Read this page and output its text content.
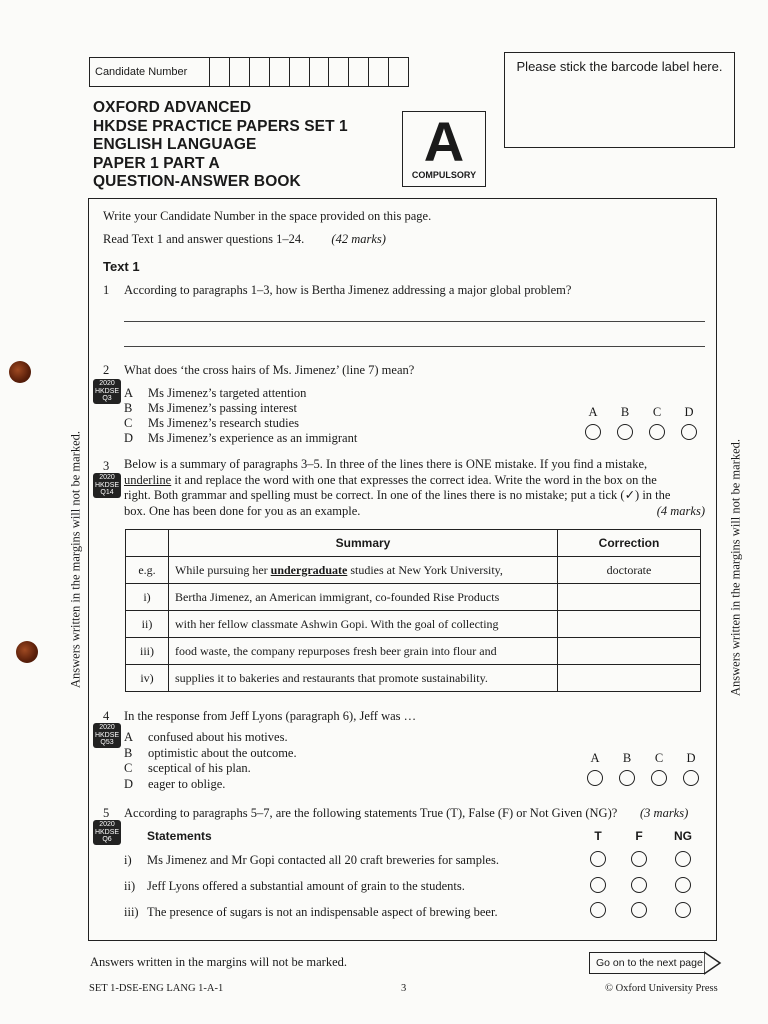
Candidate Number	Please stick the barcode label here.
OXFORD ADVANCED
HKDSE PRACTICE PAPERS SET 1
ENGLISH LANGUAGE
PAPER 1 PART A
QUESTION-ANSWER BOOK
A
COMPULSORY
Answers written in the margins will not be marked.	Answers written in the margins will not be marked.
Write your Candidate Number in the space provided on this page.
Read Text 1 and answer questions 1–24. (42 marks)
Text 1
1 According to paragraphs 1–3, how is Bertha Jimenez addressing a major global problem?
2 What does ‘the cross hairs of Ms. Jimenez’ (line 7) mean?
2020
HKDSE
Q3 A Ms Jimenez’s targeted attention
B Ms Jimenez’s passing interest
C Ms Jimenez’s research studies
D Ms Jimenez’s experience as an immigrant
A	B	C	D
3
2020
HKDSE
Q14
Below is a summary of paragraphs 3–5. In three of the lines there is ONE mistake. If you find a mistake,
underline it and replace the word with one that expresses the correct idea. Write the word in the box on the
right. Both grammar and spelling must be correct. In one of the lines there is no mistake; put a tick (✓) in the
box. One has been done for you as an example.	(4 marks)
	Summary	Correction
e.g.	While pursuing her undergraduate studies at New York University,	doctorate
i)	Bertha Jimenez, an American immigrant, co-founded Rise Products	
ii)	with her fellow classmate Ashwin Gopi. With the goal of collecting	
iii)	food waste, the company repurposes fresh beer grain into flour and	
iv)	supplies it to bakeries and restaurants that promote sustainability.	
4 In the response from Jeff Lyons (paragraph 6), Jeff was …
2020
HKDSE
Q53 A confused about his motives.
B optimistic about the outcome.
C sceptical of his plan.
D eager to oblige.
A	B	C	D
5 According to paragraphs 5–7, are the following statements True (T), False (F) or Not Given (NG)? (3 marks)
2020
HKDSE
Q6	Statements	T	F	NG
i) Ms Jimenez and Mr Gopi contacted all 20 craft breweries for samples.
ii) Jeff Lyons offered a substantial amount of grain to the students.
iii) The presence of sugars is not an indispensable aspect of brewing beer.
Answers written in the margins will not be marked.	Go on to the next page
SET 1-DSE-ENG LANG 1-A-1	3	© Oxford University Press
